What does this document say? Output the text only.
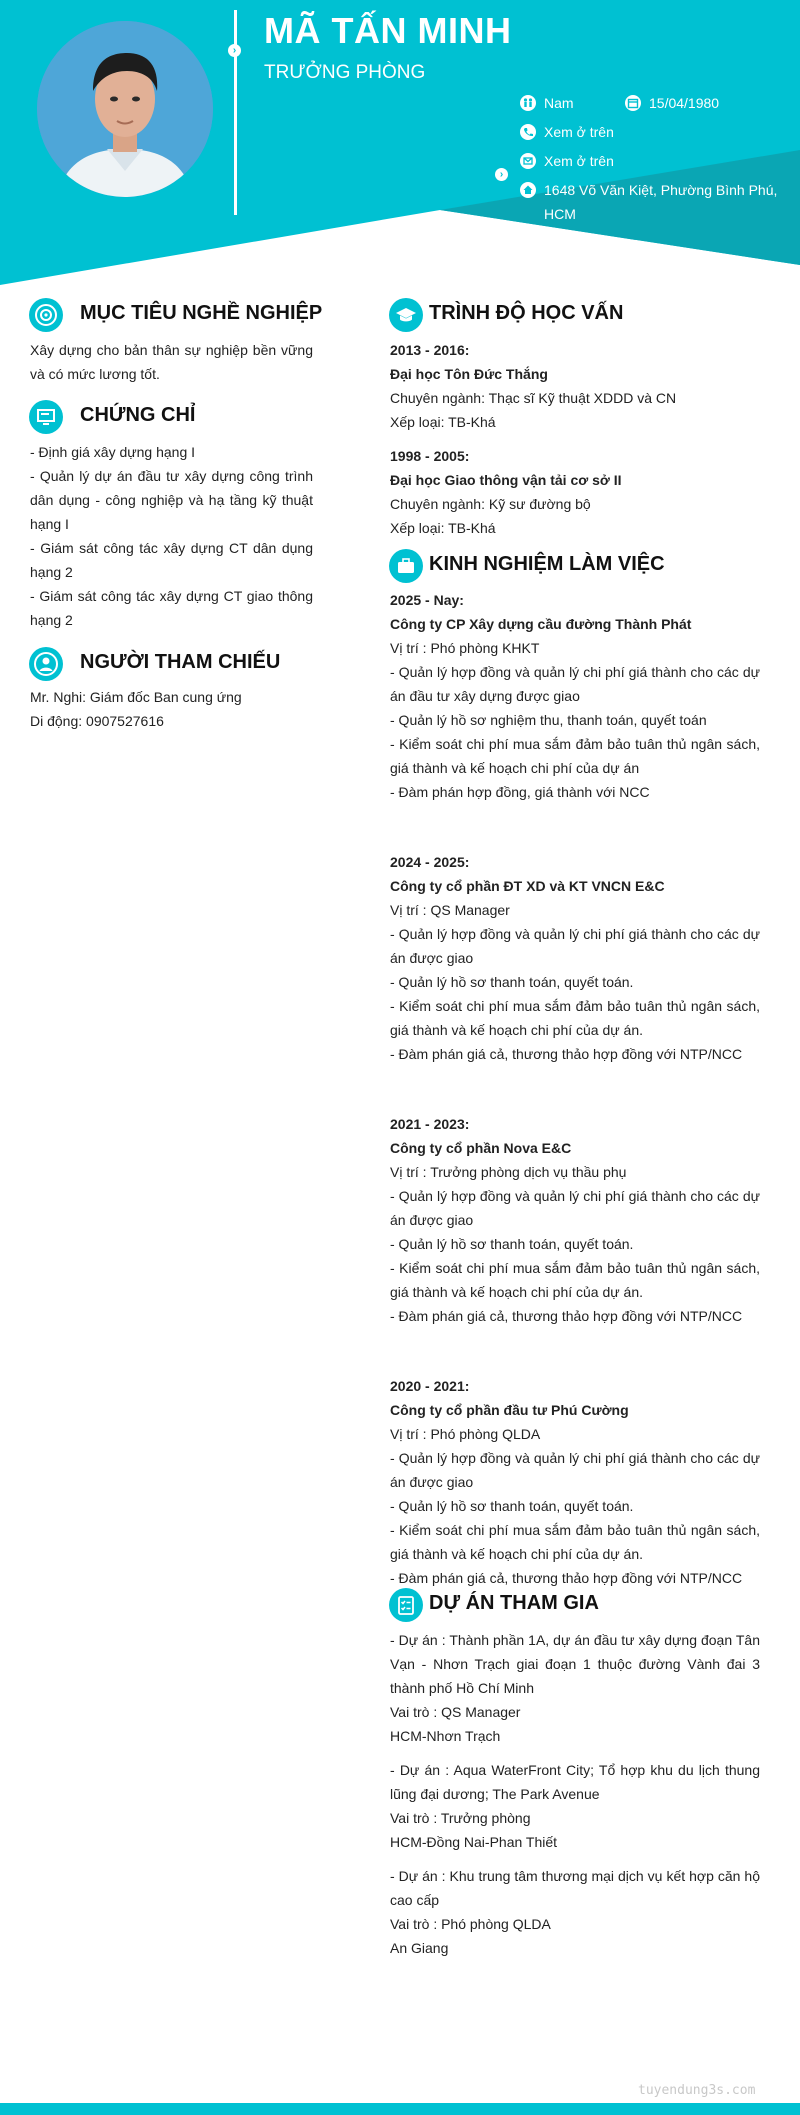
› MÃ TẤN MINH
TRƯỞNG PHÒNG
›
Nam	15/04/1980
Xem ở trên
Xem ở trên
1648 Võ Văn Kiệt, Phường Bình Phú, HCM
MỤC TIÊU NGHỀ NGHIỆP
Xây dựng cho bản thân sự nghiệp bền vững và có mức lương tốt.
CHỨNG CHỈ

- Định giá xây dựng hạng I

- Quản lý dự án đầu tư xây dựng công trình dân dụng - công nghiệp và hạ tầng kỹ thuật hạng I

- Giám sát công tác xây dựng CT dân dụng hạng 2

- Giám sát công tác xây dựng CT giao thông hạng 2

NGƯỜI THAM CHIẾU

Mr. Nghi: Giám đốc Ban cung ứng

Di động: 0907527616

TRÌNH ĐỘ HỌC VẤN

2013 - 2016:

Đại học Tôn Đức Thắng

Chuyên ngành: Thạc sĩ Kỹ thuật XDDD và CN

Xếp loại: TB-Khá

1998 - 2005:

Đại học Giao thông vận tải cơ sở II

Chuyên ngành: Kỹ sư đường bộ

Xếp loại: TB-Khá

KINH NGHIỆM LÀM VIỆC

2025 - Nay:

Công ty CP Xây dựng cầu đường Thành Phát

Vị trí : Phó phòng KHKT

- Quản lý hợp đồng và quản lý chi phí giá thành cho các dự án đầu tư xây dựng được giao

- Quản lý hồ sơ nghiệm thu, thanh toán, quyết toán

- Kiểm soát chi phí mua sắm đảm bảo tuân thủ ngân sách, giá thành và kế hoạch chi phí của dự án

- Đàm phán hợp đồng, giá thành với NCC

2024 - 2025:

Công ty cổ phần ĐT XD và KT VNCN E&C

Vị trí : QS Manager

- Quản lý hợp đồng và quản lý chi phí giá thành cho các dự án được giao

- Quản lý hồ sơ thanh toán, quyết toán.

- Kiểm soát chi phí mua sắm đảm bảo tuân thủ ngân sách, giá thành và kế hoạch chi phí của dự án.

- Đàm phán giá cả, thương thảo hợp đồng với NTP/NCC

2021 - 2023:

Công ty cổ phần Nova E&C

Vị trí : Trưởng phòng dịch vụ thầu phụ

- Quản lý hợp đồng và quản lý chi phí giá thành cho các dự án được giao

- Quản lý hồ sơ thanh toán, quyết toán.

- Kiểm soát chi phí mua sắm đảm bảo tuân thủ ngân sách, giá thành và kế hoạch chi phí của dự án.

- Đàm phán giá cả, thương thảo hợp đồng với NTP/NCC

2020 - 2021:

Công ty cổ phần đầu tư Phú Cường

Vị trí : Phó phòng QLDA

- Quản lý hợp đồng và quản lý chi phí giá thành cho các dự án được giao

- Quản lý hồ sơ thanh toán, quyết toán.

- Kiểm soát chi phí mua sắm đảm bảo tuân thủ ngân sách, giá thành và kế hoạch chi phí của dự án.

- Đàm phán giá cả, thương thảo hợp đồng với NTP/NCC

DỰ ÁN THAM GIA

- Dự án : Thành phần 1A, dự án đầu tư xây dựng đoạn Tân Vạn - Nhơn Trạch giai đoạn 1 thuộc đường Vành đai 3 thành phố Hồ Chí Minh

Vai trò : QS Manager

HCM-Nhơn Trạch

- Dự án : Aqua WaterFront City; Tổ hợp khu du lịch thung lũng đại dương; The Park Avenue

Vai trò : Trưởng phòng

HCM-Đồng Nai-Phan Thiết

- Dự án : Khu trung tâm thương mại dịch vụ kết hợp căn hộ cao cấp

Vai trò : Phó phòng QLDA

An Giang

tuyendung3s.com
